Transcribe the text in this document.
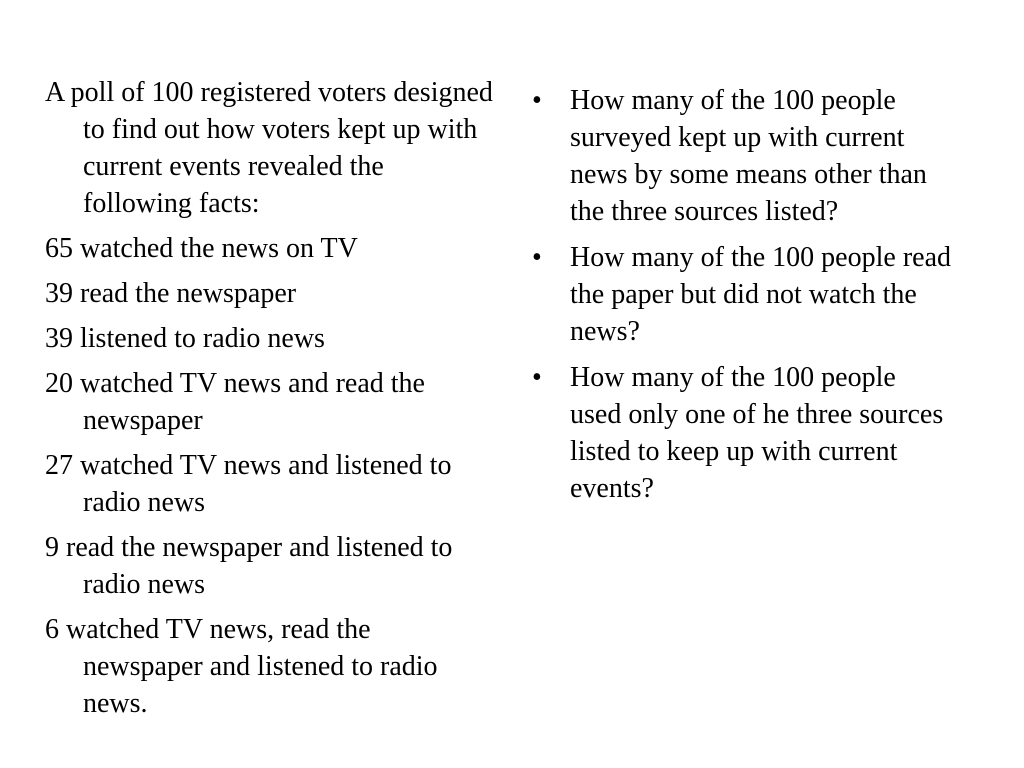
A poll of 100 registered voters designed to find out how voters kept up with current events revealed the following facts:

65 watched the news on TV

39 read the newspaper

39 listened to radio news

20 watched TV news and read the newspaper

27 watched TV news and listened to radio news

9 read the newspaper and listened to radio news

6 watched TV news, read the newspaper and listened to radio news.

•	How many of the 100 people surveyed kept up with current news by some means other than the three sources listed?
•	How many of the 100 people read the paper but did not watch the news?
•	How many of the 100 people used only one of he three sources listed to keep up with current events?
